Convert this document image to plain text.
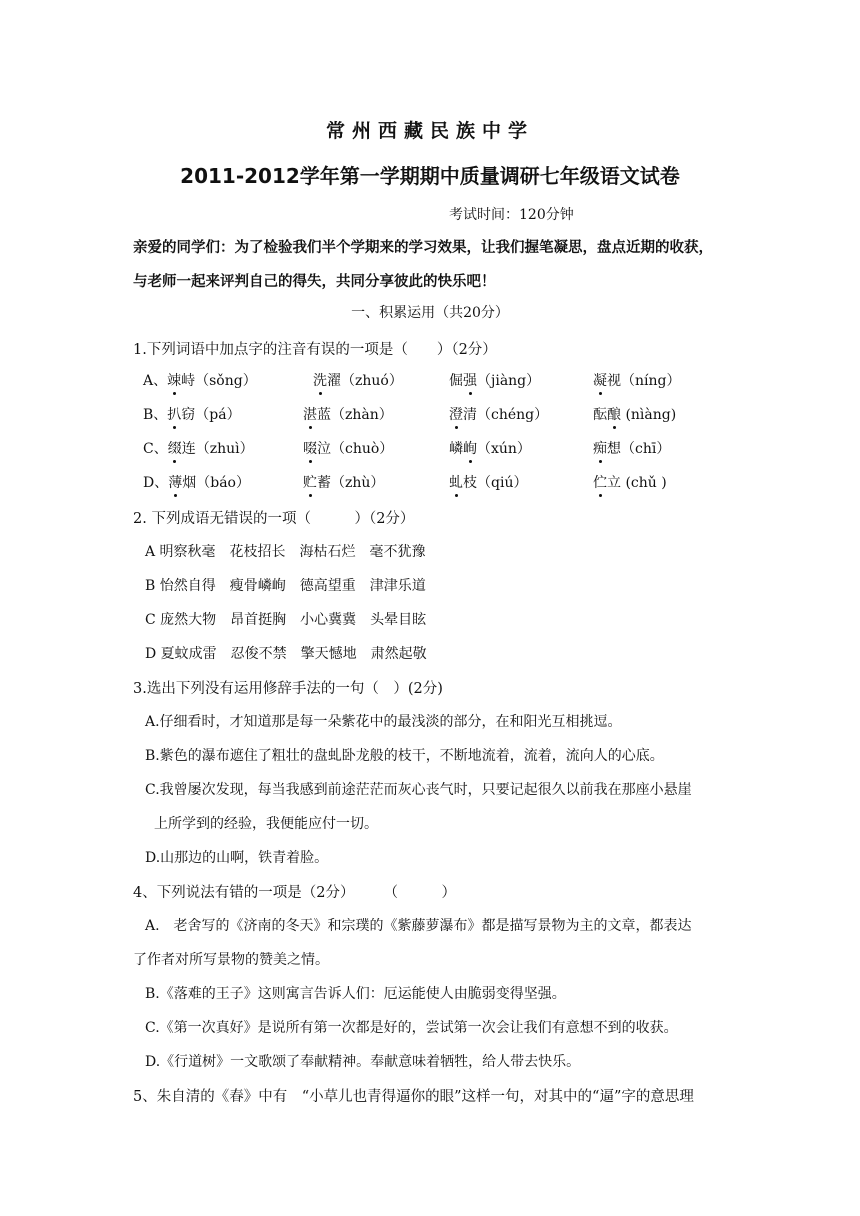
常州西藏民族中学
2011-2012学年第一学期期中质量调研七年级语文试卷
考试时间：120分钟
亲爱的同学们：为了检验我们半个学期来的学习效果，让我们握笔凝思，盘点近期的收获，
与老师一起来评判自己的得失，共同分享彼此的快乐吧！
一、积累运用（共20分）
1.下列词语中加点字的注音有误的一项是（　　）（2分）
A、竦峙（sǒng）	洗濯（zhuó）	倔强（jiàng）	凝视（níng）
B、扒窃（pá）	湛蓝（zhàn）	澄清（chéng）	酝酿 (nìàng)
C、缀连（zhuì）	啜泣（chuò）	嶙峋（xún）	痴想（chī）
D、薄烟（báo）	贮蓄（zhù）	虬枝（qiú）	伫立 (chǔ )
2. 下列成语无错误的一项（　　　）（2分）
A 明察秋毫　花枝招长　海枯石烂　毫不犹豫
B 怡然自得　瘦骨嶙峋　德高望重　津津乐道
C 庞然大物　昂首挺胸　小心冀冀　头晕目眩
D 夏蚊成雷　忍俊不禁　擎天憾地　肃然起敬
3.选出下列没有运用修辞手法的一句（　）(2分)
A.仔细看时，才知道那是每一朵紫花中的最浅淡的部分，在和阳光互相挑逗。
B.紫色的瀑布遮住了粗壮的盘虬卧龙般的枝干，不断地流着，流着，流向人的心底。
C.我曾屡次发现，每当我感到前途茫茫而灰心丧气时，只要记起很久以前我在那座小悬崖
上所学到的经验，我便能应付一切。
D.山那边的山啊，铁青着脸。
4、下列说法有错的一项是（2分）　　　（　　　）
A.　老舍写的《济南的冬天》和宗璞的《紫藤萝瀑布》都是描写景物为主的文章，都表达
了作者对所写景物的赞美之情。
B.《落难的王子》这则寓言告诉人们：厄运能使人由脆弱变得坚强。
C.《第一次真好》是说所有第一次都是好的，尝试第一次会让我们有意想不到的收获。
D.《行道树》一文歌颂了奉献精神。奉献意味着牺牲，给人带去快乐。
5、朱自清的《春》中有　“小草儿也青得逼你的眼”这样一句，对其中的“逼”字的意思理
